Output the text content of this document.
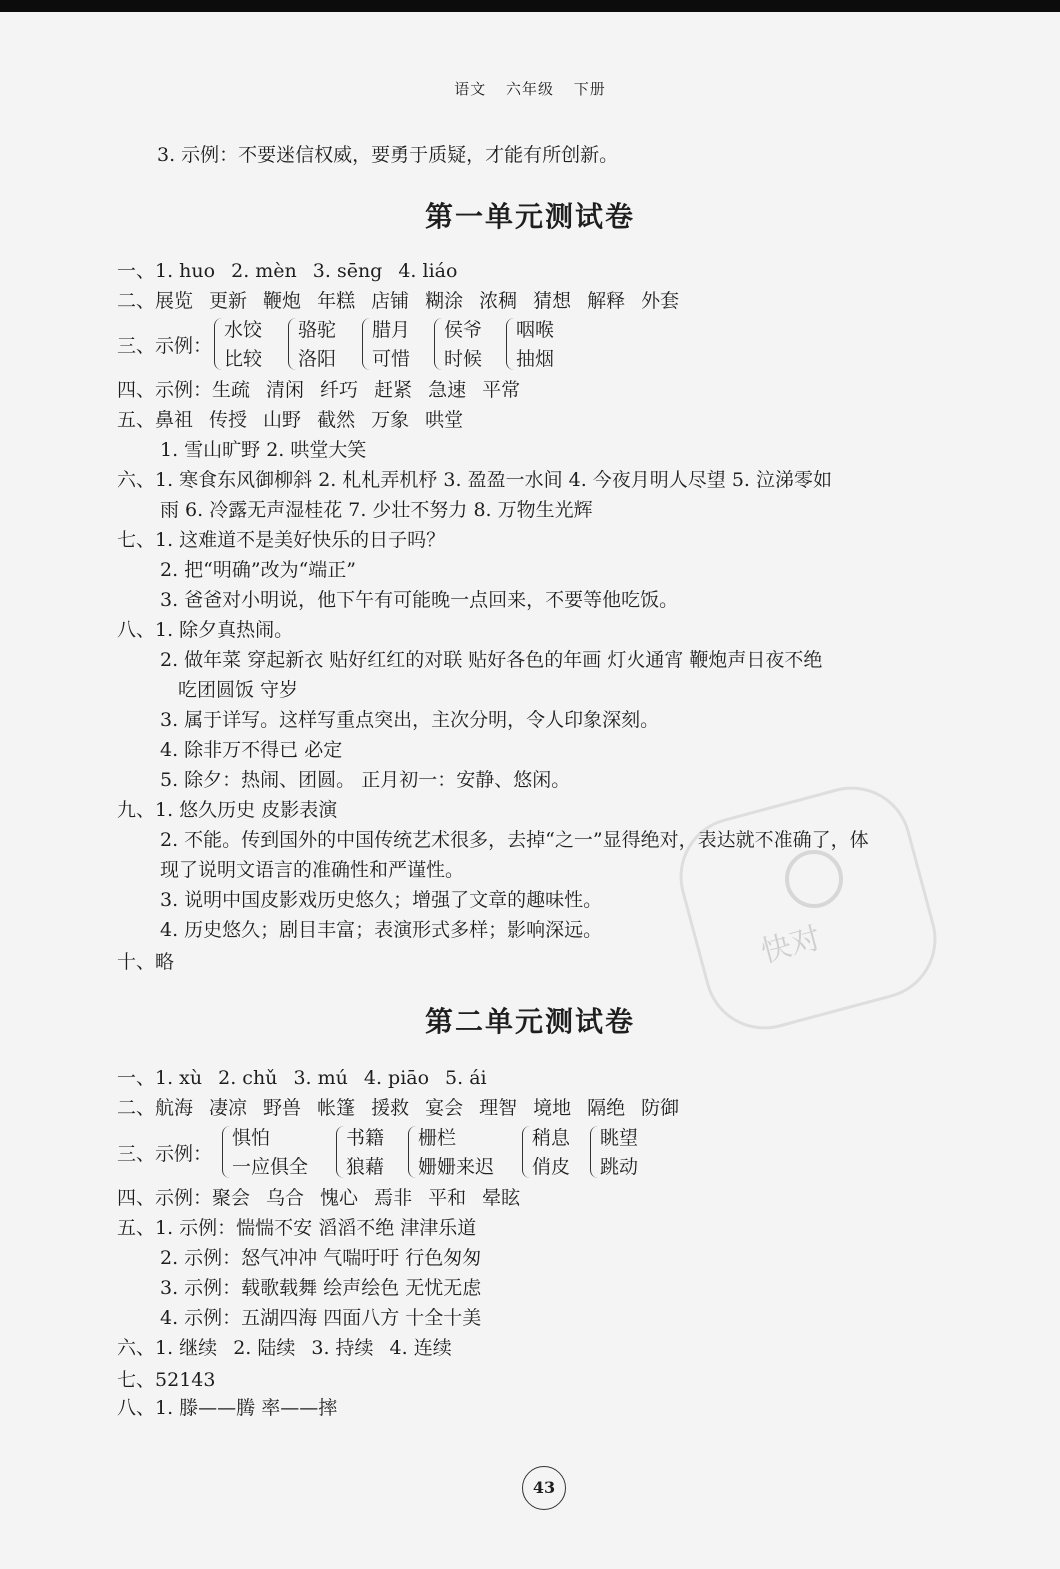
语文 六年级 下册
3. 示例：不要迷信权威，要勇于质疑，才能有所创新。
快对
第一单元测试卷
一、1. huo 2. mèn 3. sēng 4. liáo
二、展览 更新 鞭炮 年糕 店铺 糊涂 浓稠 猜想 解释 外套
三、示例：
水饺
比较
骆驼
洛阳
腊月
可惜
侯爷
时候
咽喉
抽烟
四、示例：生疏 清闲 纤巧 赶紧 急速 平常
五、鼻祖 传授 山野 截然 万象 哄堂
1. 雪山旷野 2. 哄堂大笑
六、1. 寒食东风御柳斜 2. 札札弄机杼 3. 盈盈一水间 4. 今夜月明人尽望 5. 泣涕零如
雨 6. 冷露无声湿桂花 7. 少壮不努力 8. 万物生光辉
七、1. 这难道不是美好快乐的日子吗？
2. 把“明确”改为“端正”
3. 爸爸对小明说，他下午有可能晚一点回来，不要等他吃饭。
八、1. 除夕真热闹。
2. 做年菜 穿起新衣 贴好红红的对联 贴好各色的年画 灯火通宵 鞭炮声日夜不绝
吃团圆饭 守岁
3. 属于详写。这样写重点突出，主次分明，令人印象深刻。
4. 除非万不得已 必定
5. 除夕：热闹、团圆。 正月初一：安静、悠闲。
九、1. 悠久历史 皮影表演
2. 不能。传到国外的中国传统艺术很多，去掉“之一”显得绝对，表达就不准确了，体
现了说明文语言的准确性和严谨性。
3. 说明中国皮影戏历史悠久；增强了文章的趣味性。
4. 历史悠久；剧目丰富；表演形式多样；影响深远。
十、略
第二单元测试卷
一、1. xù 2. chǔ 3. mú 4. piāo 5. ái
二、航海 凄凉 野兽 帐篷 援救 宴会 理智 境地 隔绝 防御
三、示例：
惧怕
一应俱全
书籍
狼藉
栅栏
姗姗来迟
稍息
俏皮
眺望
跳动
四、示例：聚会 乌合 愧心 焉非 平和 晕眩
五、1. 示例：惴惴不安 滔滔不绝 津津乐道
2. 示例：怒气冲冲 气喘吁吁 行色匆匆
3. 示例：载歌载舞 绘声绘色 无忧无虑
4. 示例：五湖四海 四面八方 十全十美
六、1. 继续 2. 陆续 3. 持续 4. 连续
七、52143
八、1. 滕——腾 率——摔
43
